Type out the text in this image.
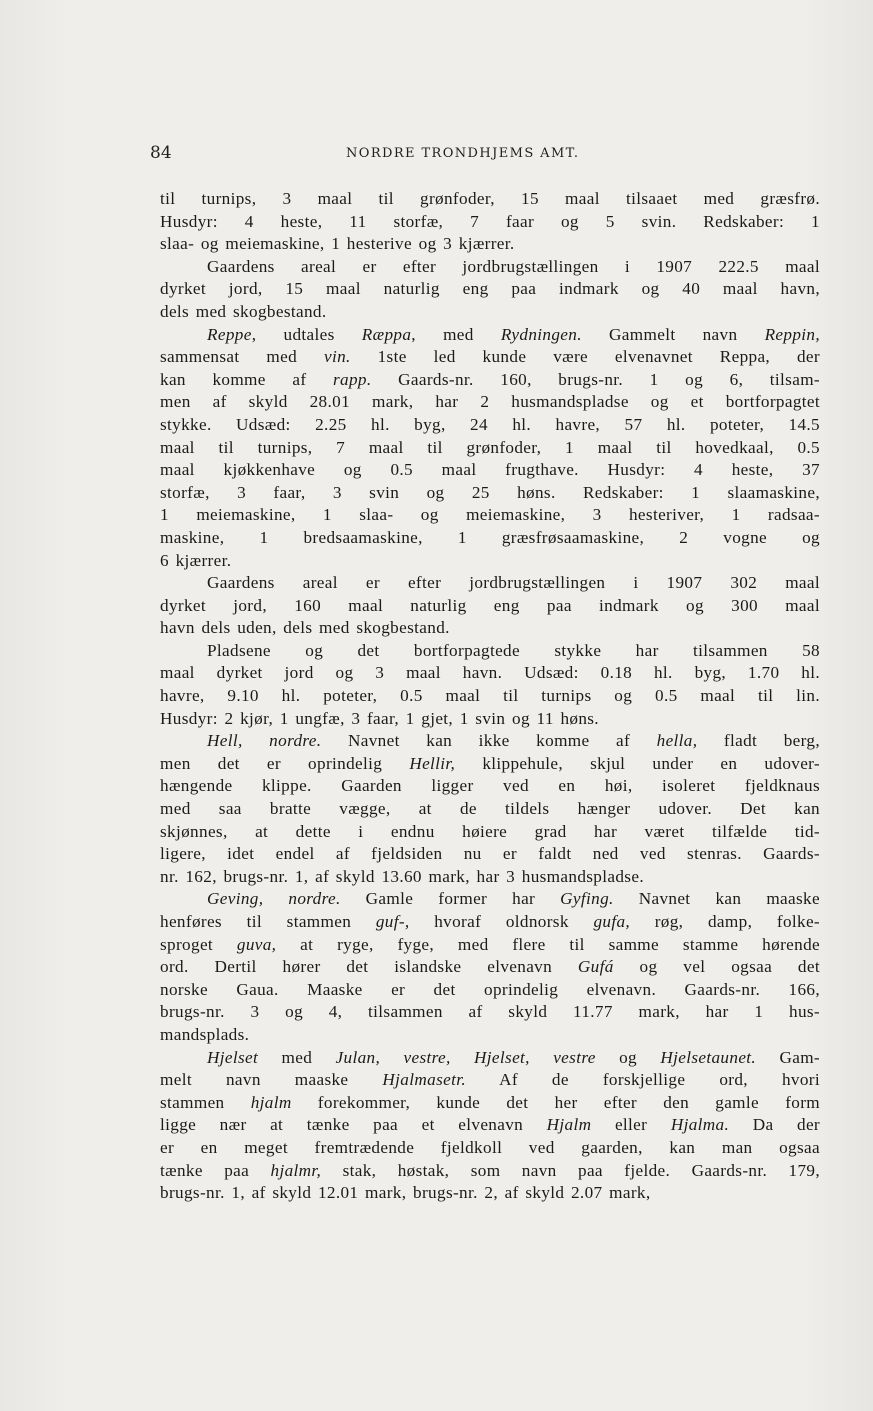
84	NORDRE TRONDHJEMS AMT.
til turnips, 3 maal til grønfoder, 15 maal tilsaaet med græsfrø.
Husdyr: 4 heste, 11 storfæ, 7 faar og 5 svin. Redskaber: 1
slaa- og meiemaskine, 1 hesterive og 3 kjærrer.
Gaardens areal er efter jordbrugstællingen i 1907 222.5 maal
dyrket jord, 15 maal naturlig eng paa indmark og 40 maal havn,
dels med skogbestand.
Reppe, udtales Ræppa, med Rydningen. Gammelt navn Reppin,
sammensat med vin. 1ste led kunde være elvenavnet Reppa, der
kan komme af rapp. Gaards-nr. 160, brugs-nr. 1 og 6, tilsam-
men af skyld 28.01 mark, har 2 husmandspladse og et bortforpagtet
stykke. Udsæd: 2.25 hl. byg, 24 hl. havre, 57 hl. poteter, 14.5
maal til turnips, 7 maal til grønfoder, 1 maal til hovedkaal, 0.5
maal kjøkkenhave og 0.5 maal frugthave. Husdyr: 4 heste, 37
storfæ, 3 faar, 3 svin og 25 høns. Redskaber: 1 slaamaskine,
1 meiemaskine, 1 slaa- og meiemaskine, 3 hesteriver, 1 radsaa-
maskine, 1 bredsaamaskine, 1 græsfrøsaamaskine, 2 vogne og
6 kjærrer.
Gaardens areal er efter jordbrugstællingen i 1907 302 maal
dyrket jord, 160 maal naturlig eng paa indmark og 300 maal
havn dels uden, dels med skogbestand.
Pladsene og det bortforpagtede stykke har tilsammen 58
maal dyrket jord og 3 maal havn. Udsæd: 0.18 hl. byg, 1.70 hl.
havre, 9.10 hl. poteter, 0.5 maal til turnips og 0.5 maal til lin.
Husdyr: 2 kjør, 1 ungfæ, 3 faar, 1 gjet, 1 svin og 11 høns.
Hell, nordre. Navnet kan ikke komme af hella, fladt berg,
men det er oprindelig Hellir, klippehule, skjul under en udover-
hængende klippe. Gaarden ligger ved en høi, isoleret fjeldknaus
med saa bratte vægge, at de tildels hænger udover. Det kan
skjønnes, at dette i endnu høiere grad har været tilfælde tid-
ligere, idet endel af fjeldsiden nu er faldt ned ved stenras. Gaards-
nr. 162, brugs-nr. 1, af skyld 13.60 mark, har 3 husmandspladse.
Geving, nordre. Gamle former har Gyfing. Navnet kan maaske
henføres til stammen guf-, hvoraf oldnorsk gufa, røg, damp, folke-
sproget guva, at ryge, fyge, med flere til samme stamme hørende
ord. Dertil hører det islandske elvenavn Gufá og vel ogsaa det
norske Gaua. Maaske er det oprindelig elvenavn. Gaards-nr. 166,
brugs-nr. 3 og 4, tilsammen af skyld 11.77 mark, har 1 hus-
mandsplads.
Hjelset med Julan, vestre, Hjelset, vestre og Hjelsetaunet. Gam-
melt navn maaske Hjalmasetr. Af de forskjellige ord, hvori
stammen hjalm forekommer, kunde det her efter den gamle form
ligge nær at tænke paa et elvenavn Hjalm eller Hjalma. Da der
er en meget fremtrædende fjeldkoll ved gaarden, kan man ogsaa
tænke paa hjalmr, stak, høstak, som navn paa fjelde. Gaards-nr. 179,
brugs-nr. 1, af skyld 12.01 mark, brugs-nr. 2, af skyld 2.07 mark,
